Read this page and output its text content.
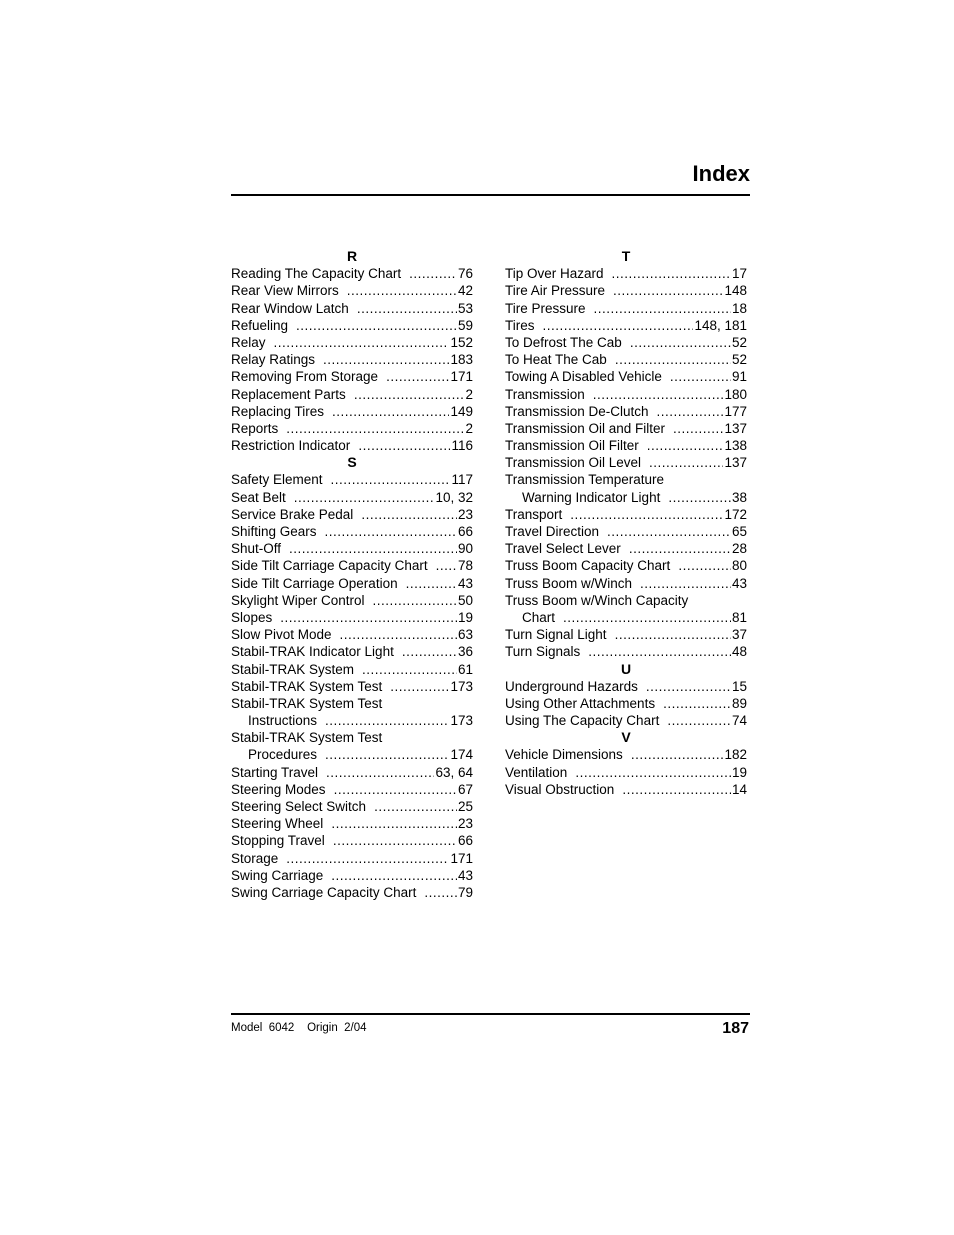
Index
R
Reading The Capacity Chart .....	76
Rear View Mirrors .....	42
Rear Window Latch .....	53
Refueling .....	59
Relay .....	152
Relay Ratings .....	183
Removing From Storage .....	171
Replacement Parts .....	2
Replacing Tires .....	149
Reports .....	2
Restriction Indicator .....	116
S
Safety Element .....	117
Seat Belt .....	10, 32
Service Brake Pedal .....	23
Shifting Gears .....	66
Shut-Off .....	90
Side Tilt Carriage Capacity Chart ..... 78
Side Tilt Carriage Operation .....	43
Skylight Wiper Control .....	50
Slopes .....	19
Slow Pivot Mode .....	63
Stabil-TRAK Indicator Light .....	36
Stabil-TRAK System .....	61
Stabil-TRAK System Test .....	173
Stabil-TRAK System Test
Instructions .....	173
Stabil-TRAK System Test
Procedures .....	174
Starting Travel .....	63, 64
Steering Modes .....	67
Steering Select Switch .....	25
Steering Wheel .....	23
Stopping Travel .....	66
Storage .....	171
Swing Carriage .....	43
Swing Carriage Capacity Chart .....	79
T
Tip Over Hazard .....	17
Tire Air Pressure .....	148
Tire Pressure .....	18
Tires .....	148, 181
To Defrost The Cab .....	52
To Heat The Cab .....	52
Towing A Disabled Vehicle .....	91
Transmission .....	180
Transmission De-Clutch .....	177
Transmission Oil and Filter .....	137
Transmission Oil Filter .....	138
Transmission Oil Level .....	137
Transmission Temperature
Warning Indicator Light .....	38
Transport .....	172
Travel Direction .....	65
Travel Select Lever .....	28
Truss Boom Capacity Chart .....	80
Truss Boom w/Winch .....	43
Truss Boom w/Winch Capacity
Chart .....	81
Turn Signal Light .....	37
Turn Signals .....	48
U
Underground Hazards .....	15
Using Other Attachments .....	89
Using The Capacity Chart .....	74
V
Vehicle Dimensions .....	182
Ventilation .....	19
Visual Obstruction .....	14
Model  6042    Origin  2/04	187
